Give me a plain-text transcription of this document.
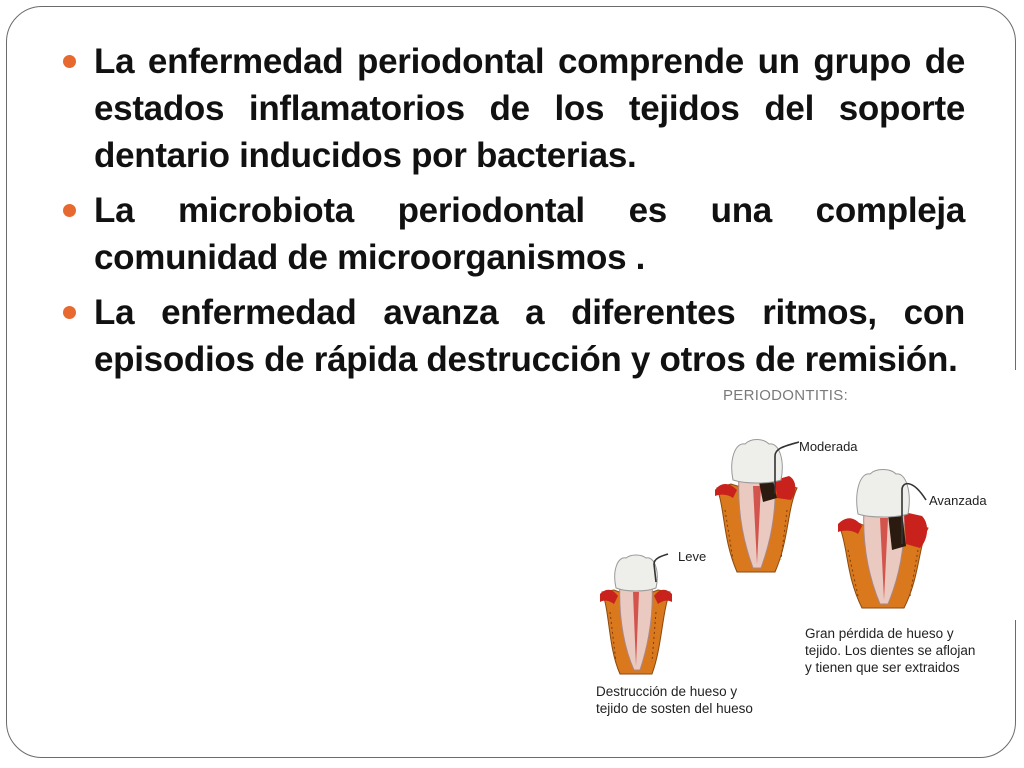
La enfermedad periodontal comprende un grupo de estados inflamatorios de los tejidos del soporte dentario inducidos por bacterias.
La microbiota periodontal es una compleja comunidad de microorganismos .
La enfermedad avanza a diferentes ritmos, con episodios de rápida destrucción y otros de remisión.
PERIODONTITIS:
Leve
Destrucción de hueso y
tejido de sosten del hueso
Moderada
Avanzada
Gran pérdida de hueso y
tejido. Los dientes se aflojan
y tienen que ser extraidos
